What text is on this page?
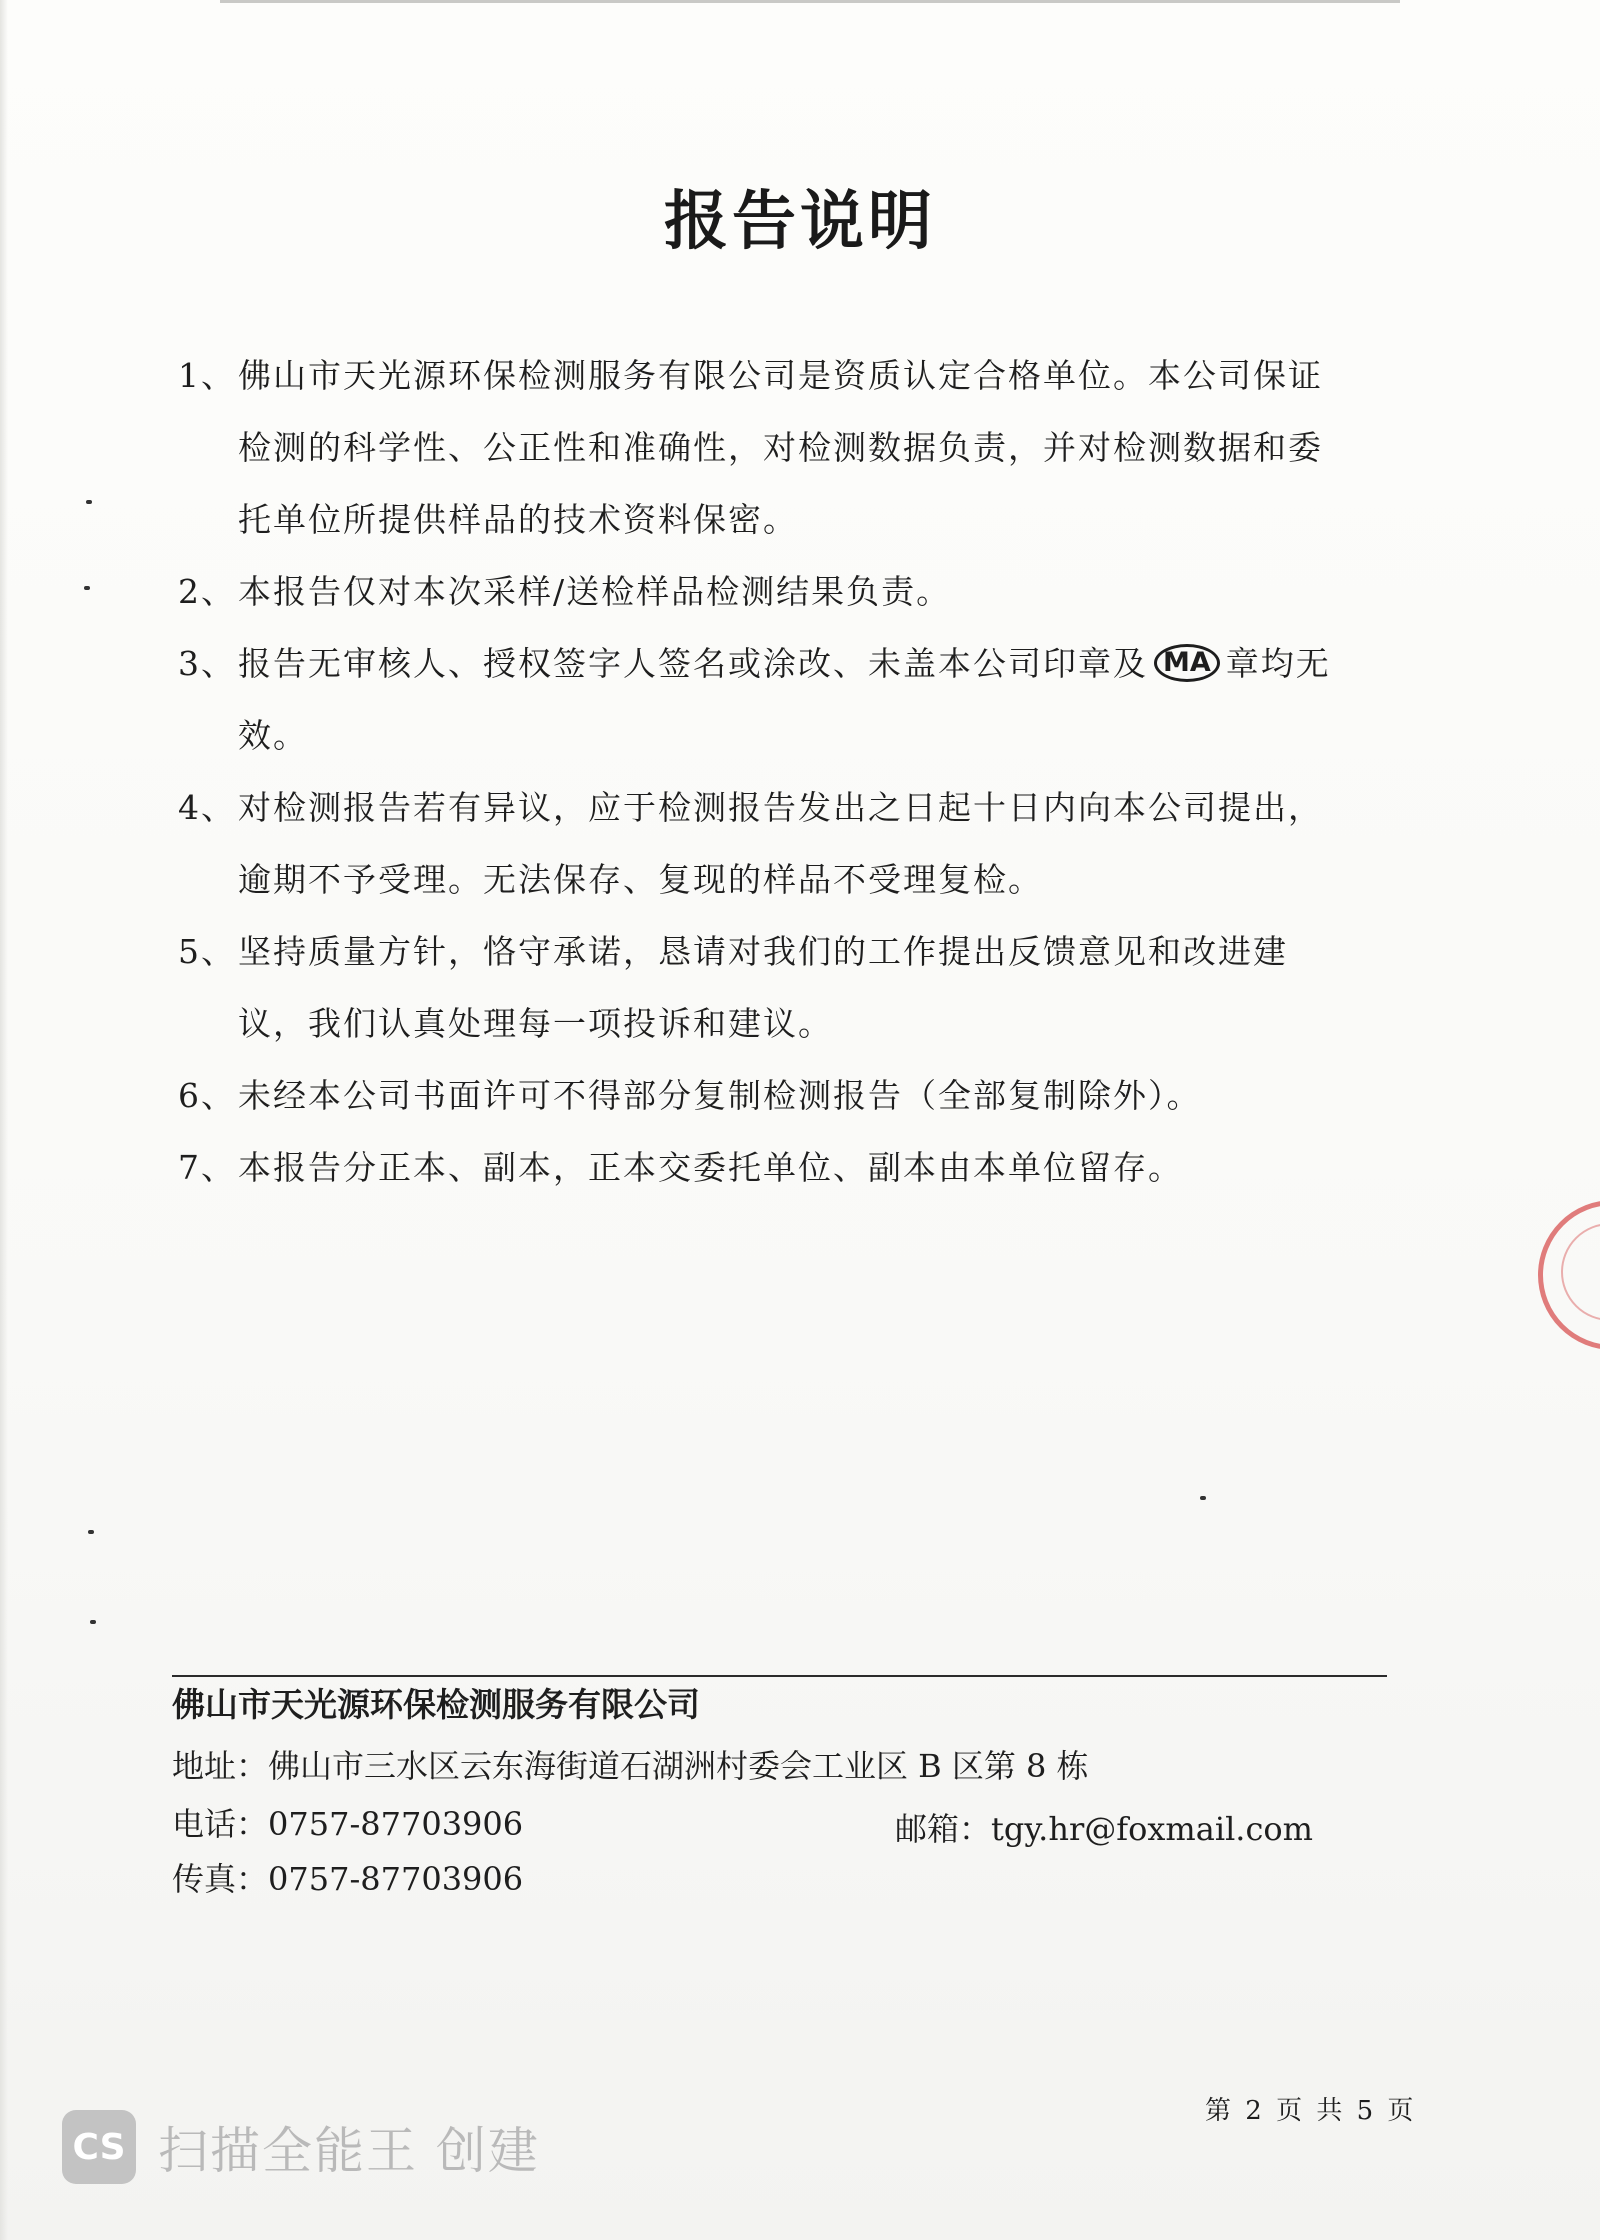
报告说明
1、 佛山市天光源环保检测服务有限公司是资质认定合格单位。本公司保证检测的科学性、公正性和准确性，对检测数据负责，并对检测数据和委托单位所提供样品的技术资料保密。
2、 本报告仅对本次采样/送检样品检测结果负责。
3、 报告无审核人、授权签字人签名或涂改、未盖本公司印章及 MA 章均无效。
4、 对检测报告若有异议，应于检测报告发出之日起十日内向本公司提出，逾期不予受理。无法保存、复现的样品不受理复检。
5、 坚持质量方针，恪守承诺，恳请对我们的工作提出反馈意见和改进建议，我们认真处理每一项投诉和建议。
6、 未经本公司书面许可不得部分复制检测报告（全部复制除外）。
7、 本报告分正本、副本，正本交委托单位、副本由本单位留存。
佛山市天光源环保检测服务有限公司
地址：佛山市三水区云东海街道石湖洲村委会工业区 B 区第 8 栋
电话：0757-87703906	邮箱：tgy.hr@foxmail.com
传真：0757-87703906
第 2 页 共 5 页
CS 扫描全能王 创建
